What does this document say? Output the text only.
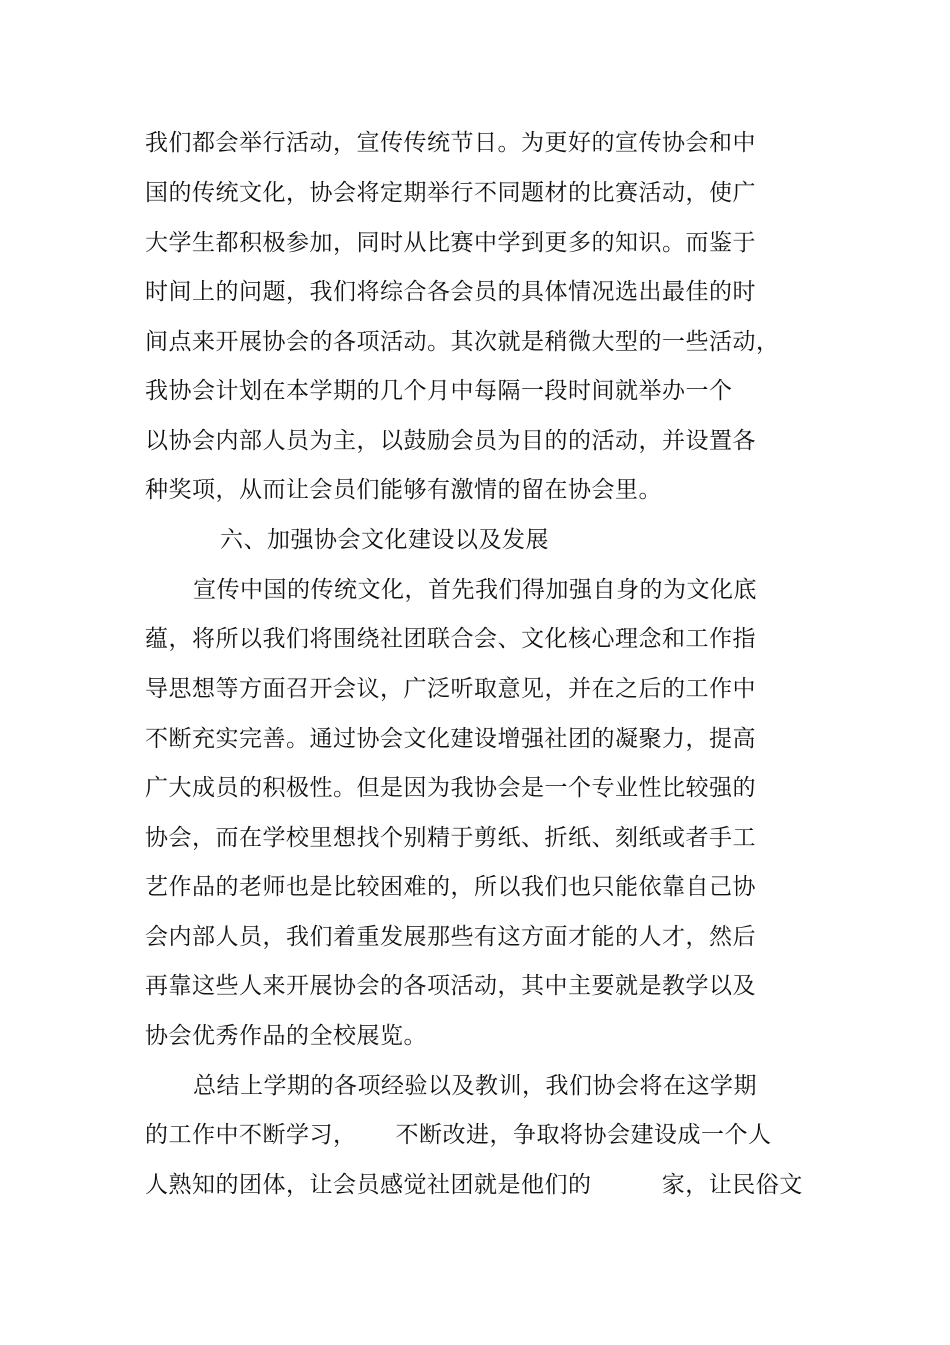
我们都会举行活动，宣传传统节日。为更好的宣传协会和中
国的传统文化，协会将定期举行不同题材的比赛活动，使广
大学生都积极参加，同时从比赛中学到更多的知识。而鉴于
时间上的问题，我们将综合各会员的具体情况选出最佳的时
间点来开展协会的各项活动。其次就是稍微大型的一些活动，
我协会计划在本学期的几个月中每隔一段时间就举办一个
以协会内部人员为主，以鼓励会员为目的的活动，并设置各
种奖项，从而让会员们能够有激情的留在协会里。
六、加强协会文化建设以及发展
宣传中国的传统文化，首先我们得加强自身的为文化底
蕴，将所以我们将围绕社团联合会、文化核心理念和工作指
导思想等方面召开会议，广泛听取意见，并在之后的工作中
不断充实完善。通过协会文化建设增强社团的凝聚力，提高
广大成员的积极性。但是因为我协会是一个专业性比较强的
协会，而在学校里想找个别精于剪纸、折纸、刻纸或者手工
艺作品的老师也是比较困难的，所以我们也只能依靠自己协
会内部人员，我们着重发展那些有这方面才能的人才，然后
再靠这些人来开展协会的各项活动，其中主要就是教学以及
协会优秀作品的全校展览。
总结上学期的各项经验以及教训，我们协会将在这学期
的工作中不断学习，     不断改进，争取将协会建设成一个人
人熟知的团体，让会员感觉社团就是他们的         家，让民俗文
